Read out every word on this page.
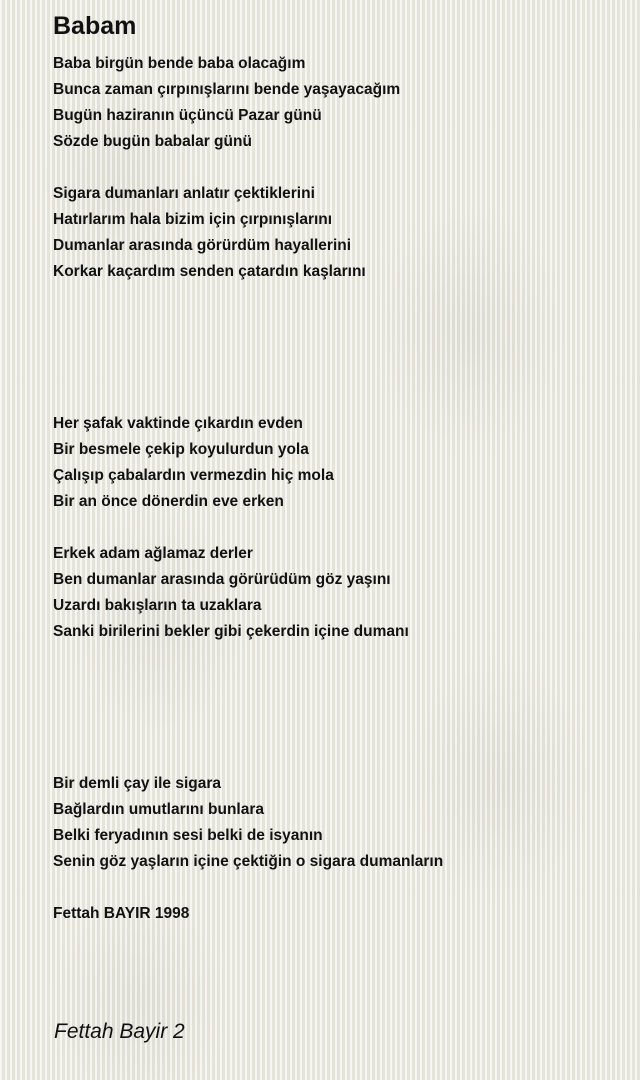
Babam
Baba birgün bende baba olacağım
Bunca zaman çırpınışlarını bende yaşayacağım
Bugün haziranın üçüncü Pazar günü
Sözde bugün babalar günü
Sigara dumanları anlatır çektiklerini
Hatırlarım hala bizim için çırpınışlarını
Dumanlar arasında görürdüm hayallerini
Korkar kaçardım senden çatardın kaşlarını
Her şafak vaktinde çıkardın evden
Bir besmele çekip koyulurdun yola
Çalışıp çabalardın vermezdin hiç mola
Bir an önce dönerdin eve erken
Erkek adam ağlamaz derler
Ben dumanlar arasında görürüdüm göz yaşını
Uzardı bakışların ta uzaklara
Sanki birilerini bekler gibi çekerdin içine dumanı
Bir demli çay ile sigara
Bağlardın umutlarını bunlara
Belki feryadının sesi belki de isyanın
Senin göz yaşların içine çektiğin o sigara dumanların
Fettah BAYIR 1998
Fettah Bayir 2
